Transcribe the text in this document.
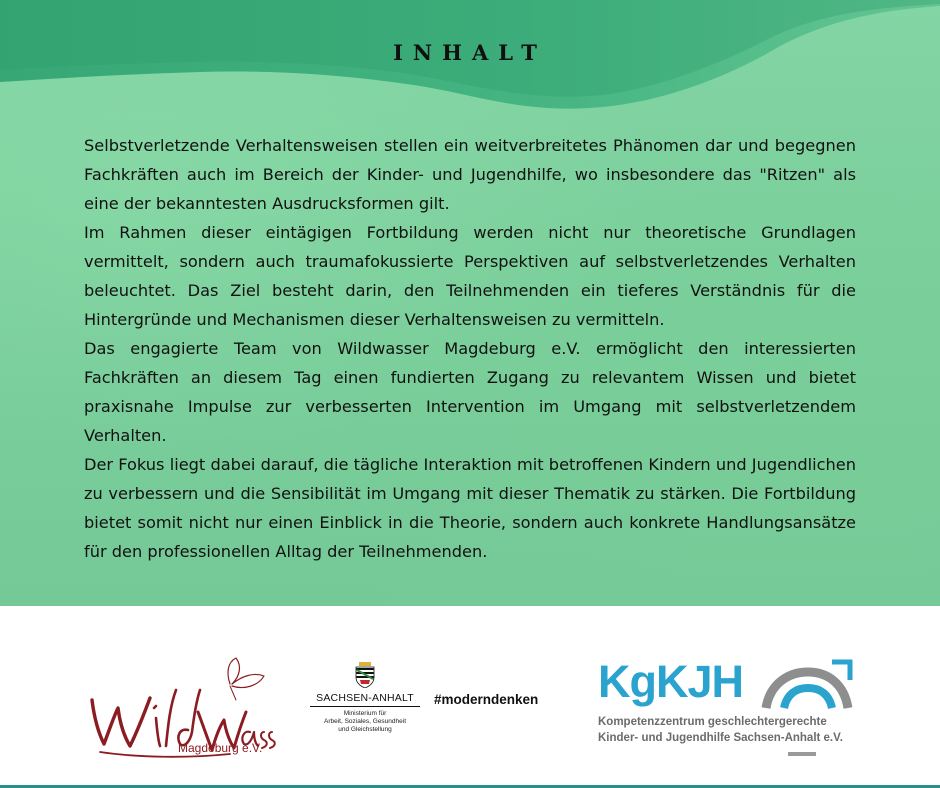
INHALT

Selbstverletzende Verhaltensweisen stellen ein weitverbreitetes Phänomen dar und begegnen Fachkräften auch im Bereich der Kinder- und Jugendhilfe, wo insbesondere das "Ritzen" als eine der bekanntesten Ausdrucksformen gilt.

Im Rahmen dieser eintägigen Fortbildung werden nicht nur theoretische Grundlagen vermittelt, sondern auch traumafokussierte Perspektiven auf selbstverletzendes Verhalten beleuchtet. Das Ziel besteht darin, den Teilnehmenden ein tieferes Verständnis für die Hintergründe und Mechanismen dieser Verhaltensweisen zu vermitteln.

Das engagierte Team von Wildwasser Magdeburg e.V. ermöglicht den interessierten Fachkräften an diesem Tag einen fundierten Zugang zu relevantem Wissen und bietet praxisnahe Impulse zur verbesserten Intervention im Umgang mit selbstverletzendem Verhalten.

Der Fokus liegt dabei darauf, die tägliche Interaktion mit betroffenen Kindern und Jugendlichen zu verbessern und die Sensibilität im Umgang mit dieser Thematik zu stärken. Die Fortbildung bietet somit nicht nur einen Einblick in die Theorie, sondern auch konkrete Handlungsansätze für den professionellen Alltag der Teilnehmenden.

Magdeburg e.V.
SACHSEN-ANHALT
Ministerium für
Arbeit, Soziales, Gesundheit
und Gleichstellung
#moderndenken KgKJH
Kompetenzzentrum geschlechtergerechte
Kinder- und Jugendhilfe Sachsen-Anhalt e.V.
